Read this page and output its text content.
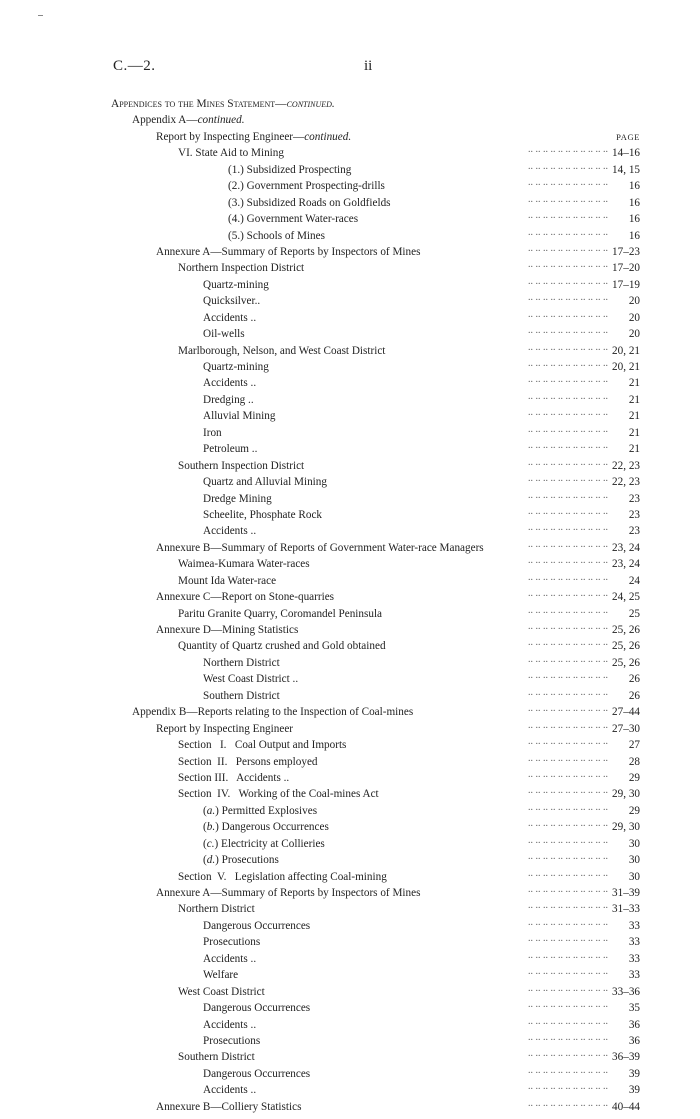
C.—2.	ii
Appendices to the Mines Statement—continued.
Appendix A—continued.
Report by Inspecting Engineer—continued.	PAGE
.. .. .. .. .. .. .. .. .. .. ..
VI. State Aid to Mining	14–16
.. .. .. .. .. .. .. .. .. .. ..
(1.) Subsidized Prospecting	14, 15
.. .. .. .. .. .. .. .. .. .. ..
(2.) Government Prospecting-drills	16
.. .. .. .. .. .. .. .. .. .. ..
(3.) Subsidized Roads on Goldfields	16
.. .. .. .. .. .. .. .. .. .. ..
(4.) Government Water-races	16
.. .. .. .. .. .. .. .. .. .. ..
(5.) Schools of Mines	16
.. .. .. .. .. .. .. .. .. .. ..
Annexure A—Summary of Reports by Inspectors of Mines	17–23
.. .. .. .. .. .. .. .. .. .. ..
Northern Inspection District	17–20
.. .. .. .. .. .. .. .. .. .. ..
Quartz-mining	17–19
.. .. .. .. .. .. .. .. .. .. ..
Quicksilver..	20
.. .. .. .. .. .. .. .. .. .. ..
Accidents ..	20
.. .. .. .. .. .. .. .. .. .. ..
Oil-wells	20
.. .. .. .. .. .. .. .. .. .. ..
Marlborough, Nelson, and West Coast District	20, 21
.. .. .. .. .. .. .. .. .. .. ..
Quartz-mining	20, 21
.. .. .. .. .. .. .. .. .. .. ..
Accidents ..	21
.. .. .. .. .. .. .. .. .. .. ..
Dredging ..	21
.. .. .. .. .. .. .. .. .. .. ..
Alluvial Mining	21
.. .. .. .. .. .. .. .. .. .. ..
Iron	21
.. .. .. .. .. .. .. .. .. .. ..
Petroleum ..	21
.. .. .. .. .. .. .. .. .. .. ..
Southern Inspection District	22, 23
.. .. .. .. .. .. .. .. .. .. ..
Quartz and Alluvial Mining	22, 23
.. .. .. .. .. .. .. .. .. .. ..
Dredge Mining	23
.. .. .. .. .. .. .. .. .. .. ..
Scheelite, Phosphate Rock	23
.. .. .. .. .. .. .. .. .. .. ..
Accidents ..	23
.. .. .. .. .. .. .. .. .. .. ..
Annexure B—Summary of Reports of Government Water-race Managers	23, 24
.. .. .. .. .. .. .. .. .. .. ..
Waimea-Kumara Water-races	23, 24
.. .. .. .. .. .. .. .. .. .. ..
Mount Ida Water-race	24
.. .. .. .. .. .. .. .. .. .. ..
Annexure C—Report on Stone-quarries	24, 25
.. .. .. .. .. .. .. .. .. .. ..
Paritu Granite Quarry, Coromandel Peninsula	25
.. .. .. .. .. .. .. .. .. .. ..
Annexure D—Mining Statistics	25, 26
.. .. .. .. .. .. .. .. .. .. ..
Quantity of Quartz crushed and Gold obtained	25, 26
.. .. .. .. .. .. .. .. .. .. ..
Northern District	25, 26
.. .. .. .. .. .. .. .. .. .. ..
West Coast District ..	26
.. .. .. .. .. .. .. .. .. .. ..
Southern District	26
.. .. .. .. .. .. .. .. .. .. ..
Appendix B—Reports relating to the Inspection of Coal-mines	27–44
.. .. .. .. .. .. .. .. .. .. ..
Report by Inspecting Engineer	27–30
.. .. .. .. .. .. .. .. .. .. ..
Section   I.   Coal Output and Imports	27
.. .. .. .. .. .. .. .. .. .. ..
Section  II.   Persons employed	28
.. .. .. .. .. .. .. .. .. .. ..
Section III.   Accidents ..	29
.. .. .. .. .. .. .. .. .. .. ..
Section  IV.   Working of the Coal-mines Act	29, 30
.. .. .. .. .. .. .. .. .. .. ..
(a.) Permitted Explosives	29
.. .. .. .. .. .. .. .. .. .. ..
(b.) Dangerous Occurrences	29, 30
.. .. .. .. .. .. .. .. .. .. ..
(c.) Electricity at Collieries	30
.. .. .. .. .. .. .. .. .. .. ..
(d.) Prosecutions	30
.. .. .. .. .. .. .. .. .. .. ..
Section  V.   Legislation affecting Coal-mining	30
.. .. .. .. .. .. .. .. .. .. ..
Annexure A—Summary of Reports by Inspectors of Mines	31–39
.. .. .. .. .. .. .. .. .. .. ..
Northern District	31–33
.. .. .. .. .. .. .. .. .. .. ..
Dangerous Occurrences	33
.. .. .. .. .. .. .. .. .. .. ..
Prosecutions	33
.. .. .. .. .. .. .. .. .. .. ..
Accidents ..	33
.. .. .. .. .. .. .. .. .. .. ..
Welfare	33
.. .. .. .. .. .. .. .. .. .. ..
West Coast District	33–36
.. .. .. .. .. .. .. .. .. .. ..
Dangerous Occurrences	35
.. .. .. .. .. .. .. .. .. .. ..
Accidents ..	36
.. .. .. .. .. .. .. .. .. .. ..
Prosecutions	36
.. .. .. .. .. .. .. .. .. .. ..
Southern District	36–39
.. .. .. .. .. .. .. .. .. .. ..
Dangerous Occurrences	39
.. .. .. .. .. .. .. .. .. .. ..
Accidents ..	39
.. .. .. .. .. .. .. .. .. .. ..
Annexure B—Colliery Statistics	40–44
